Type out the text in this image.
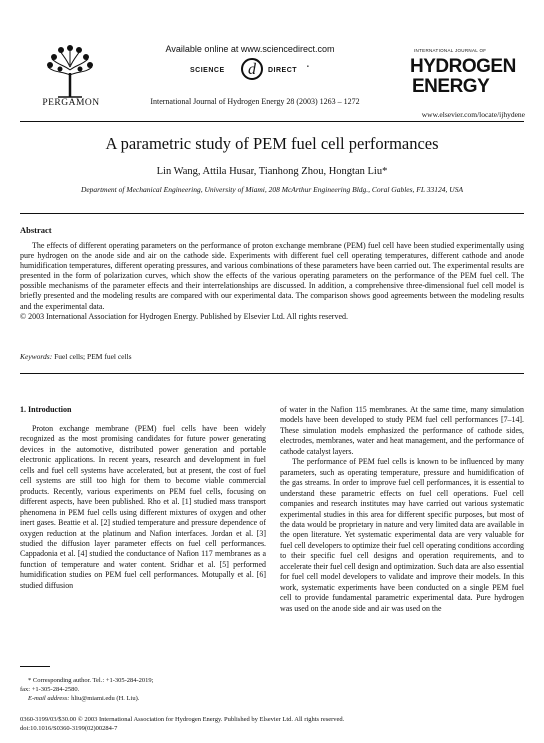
Available online at www.sciencedirect.com
SCIENCE	d	DIRECT •
PERGAMON	International Journal of Hydrogen Energy 28 (2003) 1263 – 1272
INTERNATIONAL JOURNAL OF
HYDROGEN
ENERGY
www.elsevier.com/locate/ijhydene
A parametric study of PEM fuel cell performances
Lin Wang, Attila Husar, Tianhong Zhou, Hongtan Liu*
Department of Mechanical Engineering, University of Miami, 208 McArthur Engineering Bldg., Coral Gables, FL 33124, USA
Abstract

The effects of different operating parameters on the performance of proton exchange membrane (PEM) fuel cell have been studied experimentally using pure hydrogen on the anode side and air on the cathode side. Experiments with different fuel cell operating temperatures, different cathode and anode humidification temperatures, different operating pressures, and various combinations of these parameters have been carried out. The experimental results are presented in the form of polarization curves, which show the effects of the various operating parameters on the performance of the PEM fuel cell. The possible mechanisms of the parameter effects and their interrelationships are discussed. In addition, a comprehensive three-dimensional fuel cell model is briefly presented and the modeling results are compared with our experimental data. The comparison shows good agreements between the modeling results and the experimental data.

© 2003 International Association for Hydrogen Energy. Published by Elsevier Ltd. All rights reserved.

Keywords: Fuel cells; PEM fuel cells
1. Introduction

Proton exchange membrane (PEM) fuel cells have been widely recognized as the most promising candidates for future power generating devices in the automotive, distributed power generation and portable electronic applications. In recent years, research and development in fuel cells and fuel cell systems have accelerated, but at present, the cost of fuel cell systems are still too high for them to become viable commercial products. Recently, various experiments on PEM fuel cells, focusing on different aspects, have been published. Rho et al. [1] studied mass transport phenomena in PEM fuel cells using different mixtures of oxygen and other inert gases. Beattie et al. [2] studied temperature and pressure dependence of oxygen reduction at the platinum and Nafion interfaces. Jordan et al. [3] studied the diffusion layer parameter effects on fuel cell performances. Cappadonia et al. [4] studied the conductance of Nafion 117 membranes as a function of temperature and water content. Sridhar et al. [5] performed humidification studies on PEM fuel cell performances. Motupally et al. [6] studied diffusion

of water in the Nafion 115 membranes. At the same time, many simulation models have been developed to study PEM fuel cell performances [7–14]. These simulation models emphasized the performance of cathode sides, electrodes, membranes, water and heat management, and the performance of cathode catalyst layers.

The performance of PEM fuel cells is known to be influenced by many parameters, such as operating temperature, pressure and humidification of the gas streams. In order to improve fuel cell performances, it is essential to understand these parametric effects on fuel cell operations. Fuel cell companies and research institutes may have carried out various systematic experimental studies in this area for different specific purposes, but most of the data would be proprietary in nature and very limited data are available in the open literature. Yet systematic experimental data are very valuable for fuel cell developers to optimize their fuel cell operating conditions according to their specific fuel cell designs and operation requirements, and to accelerate their fuel cell design and optimization. Such data are also essential for fuel cell model developers to validate and improve their models. In this work, systematic experiments have been conducted on a single PEM fuel cell to provide fundamental parametric experimental data. Pure hydrogen was used on the anode side and air was used on the

* Corresponding author. Tel.: +1-305-284-2019;
fax: +1-305-284-2580.
E-mail address: hliu@miami.edu (H. Liu).
0360-3199/03/$30.00 © 2003 International Association for Hydrogen Energy. Published by Elsevier Ltd. All rights reserved.
doi:10.1016/S0360-3199(02)00284-7
